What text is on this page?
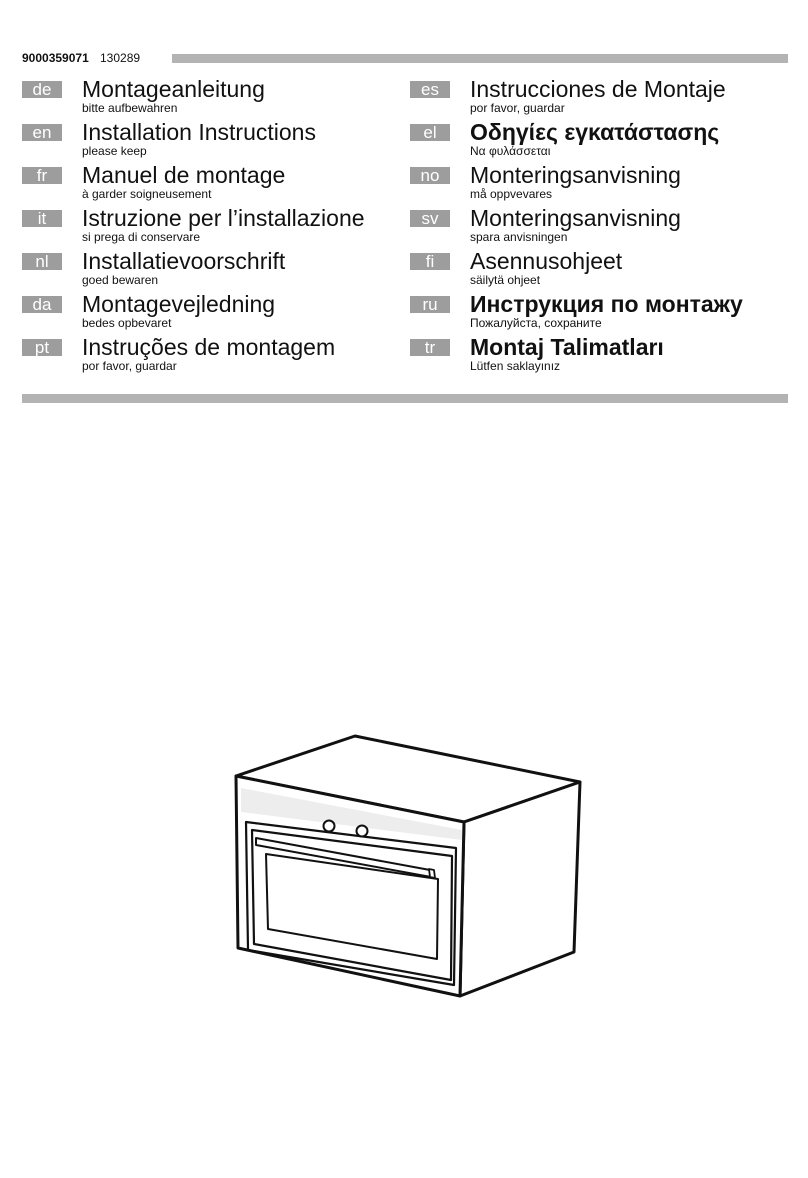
9000359071 130289
de	Montageanleitung
bitte aufbewahren
en	Installation Instructions
please keep
fr	Manuel de montage
à garder soigneusement
it	Istruzione per l’installazione
si prega di conservare
nl	Installatievoorschrift
goed bewaren
da	Montagevejledning
bedes opbevaret
pt	Instruções de montagem
por favor, guardar
es	Instrucciones de Montaje
por favor, guardar
el	Οδηγίες εγκατάστασης
Να φυλάσσεται
no	Monteringsanvisning
må oppvevares
sv	Monteringsanvisning
spara anvisningen
fi	Asennusohjeet
säilytä ohjeet
ru	Инструкция по монтажу
Пожалуйста, сохраните
tr	Montaj Talimatları
Lütfen saklayınız
